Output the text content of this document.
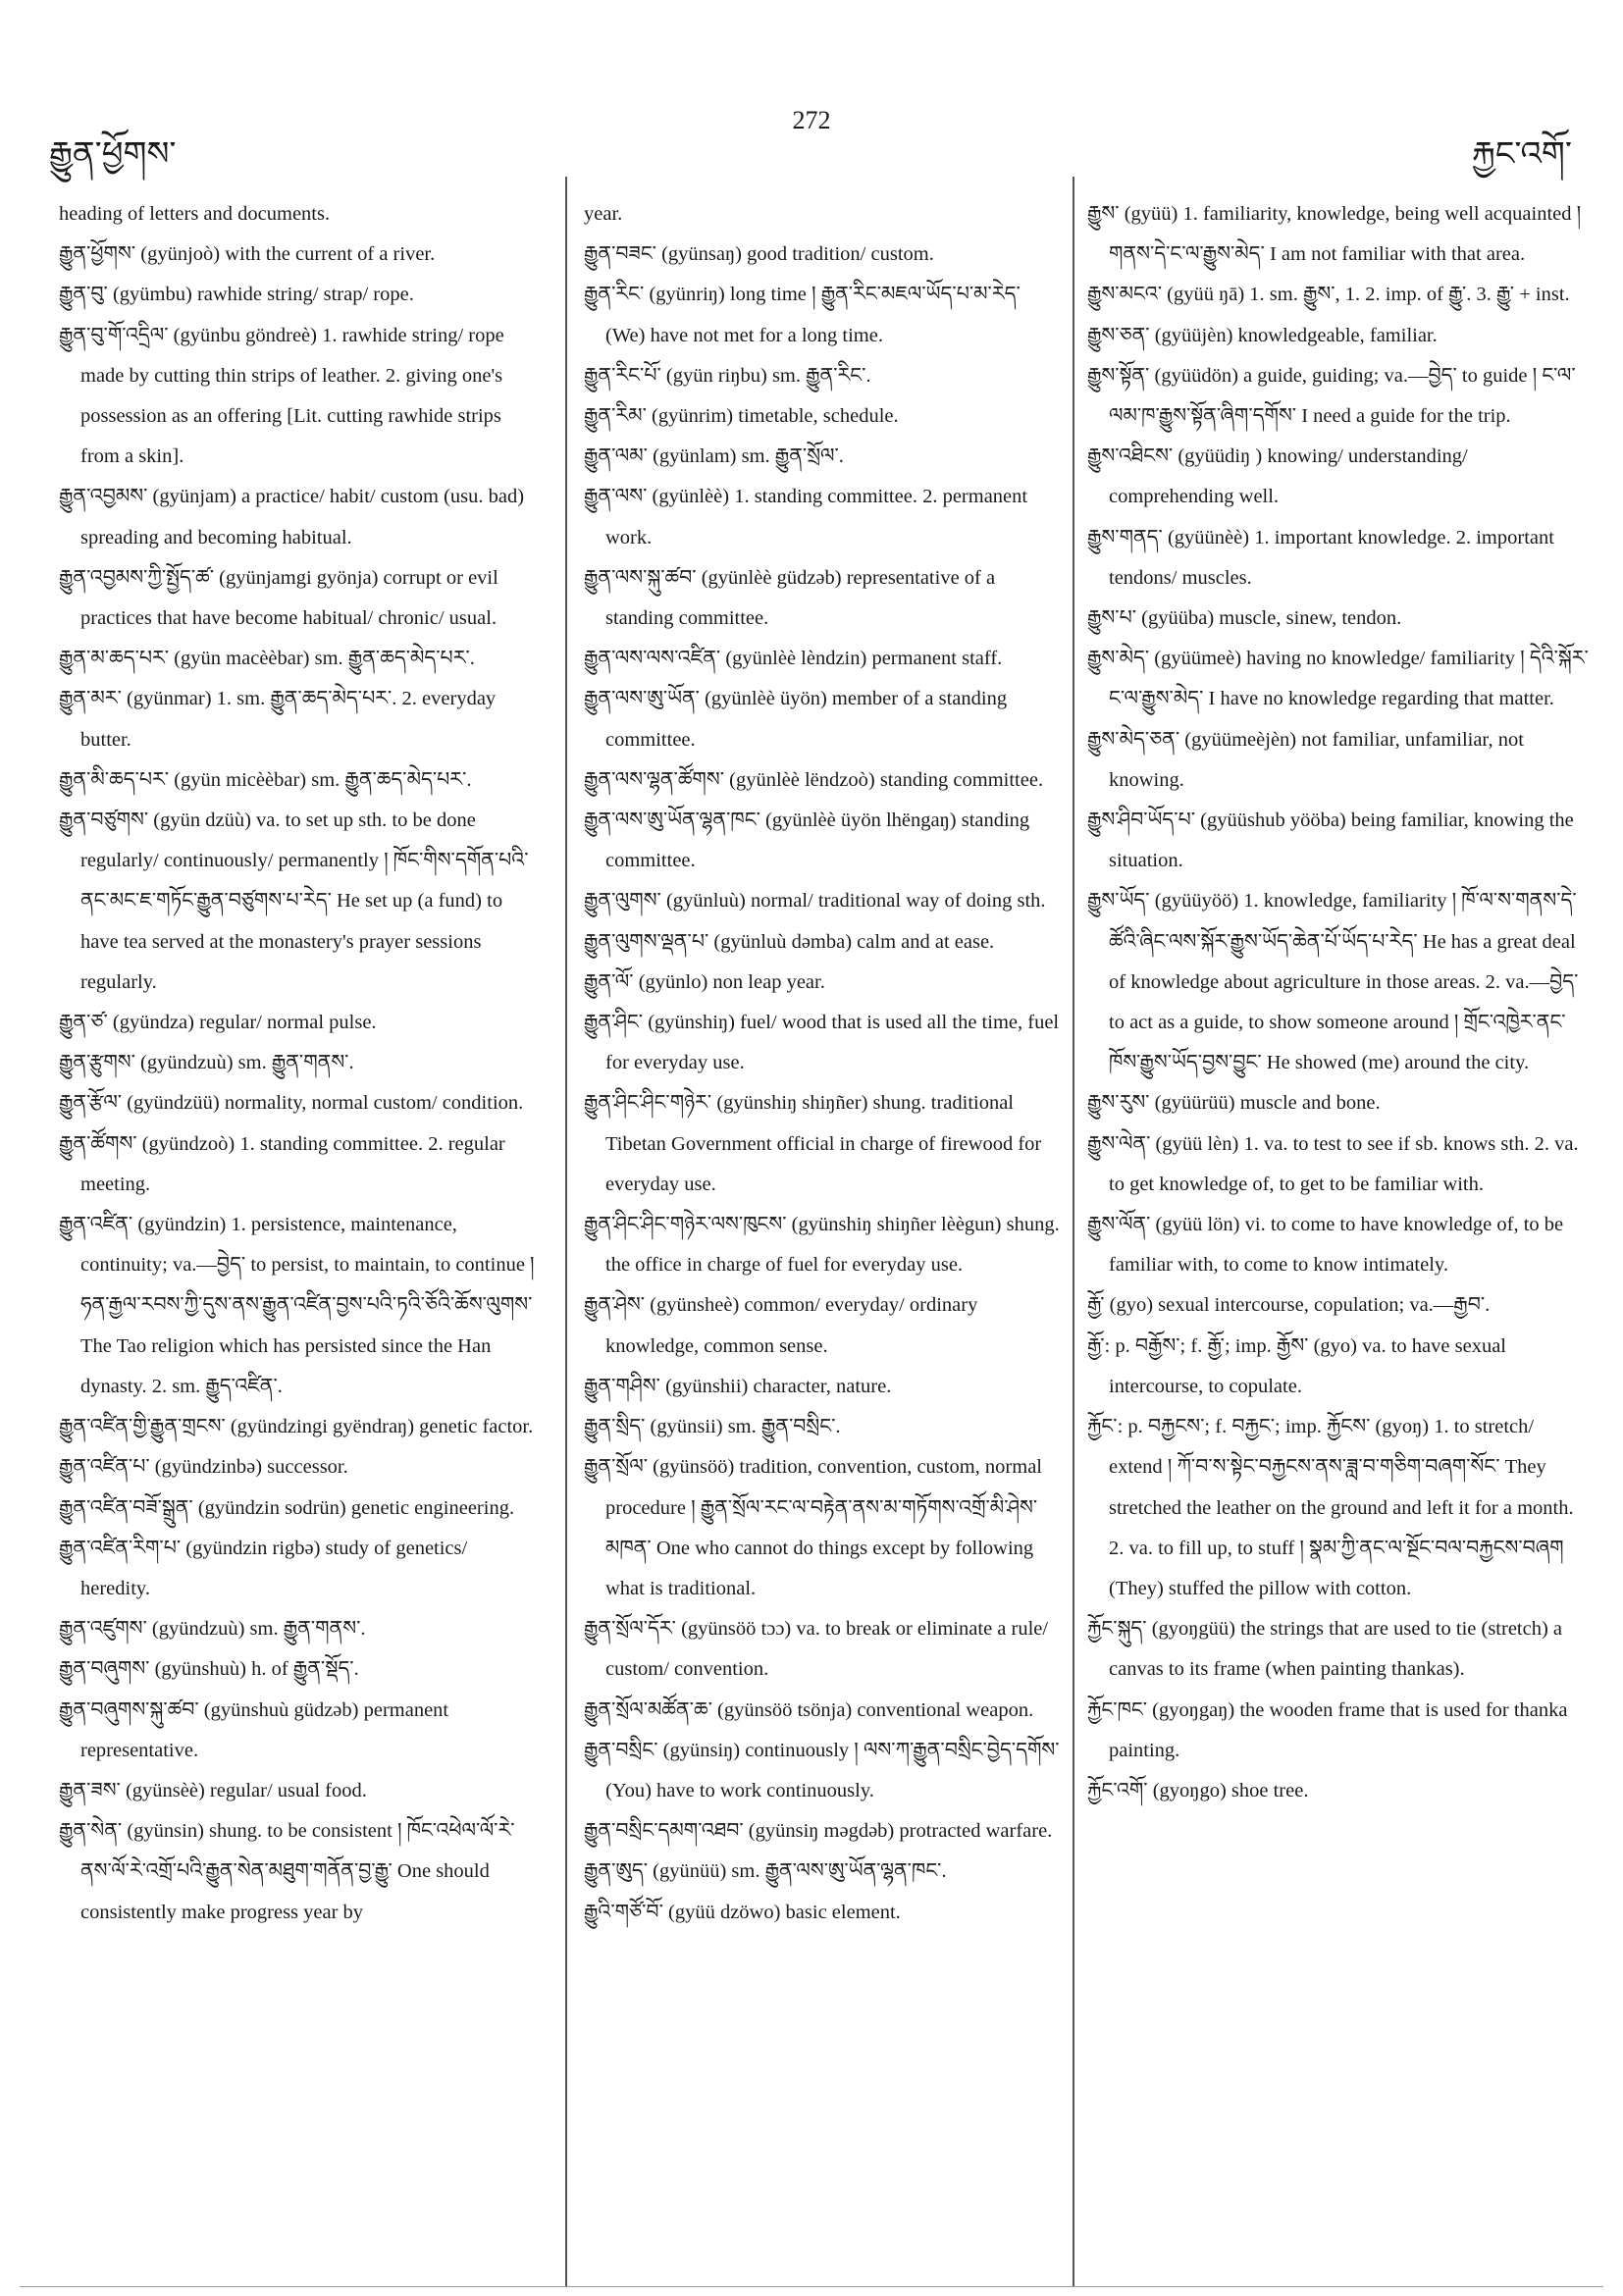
རྒྱུན་ཕྱོགས་
272
རྐྱང་འགོ་
heading of letters and documents.
རྒྱུན་ཕྱོགས་ (gyünjoò) with the current of a river.
རྒྱུན་བུ་ (gyümbu) rawhide string/ strap/ rope.
རྒྱུན་བུ་གོ་འདྲིལ་ (gyünbu göndreè) 1. rawhide string/ rope made by cutting thin strips of leather. 2. giving one's possession as an offering [Lit. cutting rawhide strips from a skin].
རྒྱུན་འབྱམས་ (gyünjam) a practice/ habit/ custom (usu. bad) spreading and becoming habitual.
རྒྱུན་འབྱམས་ཀྱི་སྤྱོད་ཚ་ (gyünjamgi gyönja) corrupt or evil practices that have become habitual/ chronic/ usual.
རྒྱུན་མ་ཆད་པར་ (gyün macèèbar) sm. རྒྱུན་ཆད་མེད་པར་.
རྒྱུན་མར་ (gyünmar) 1. sm. རྒྱུན་ཆད་མེད་པར་. 2. everyday butter.
རྒྱུན་མི་ཆད་པར་ (gyün micèèbar) sm. རྒྱུན་ཆད་མེད་པར་.
རྒྱུན་བཙུགས་ (gyün dzüù) va. to set up sth. to be done regularly/ continuously/ permanently ། ཁོང་གིས་དགོན་པའི་ནང་མང་ཇ་གཏོང་རྒྱུན་བཙུགས་པ་རེད་ He set up (a fund) to have tea served at the monastery's prayer sessions regularly.
རྒྱུན་ཙ་ (gyündza) regular/ normal pulse.
རྒྱུན་རྩུགས་ (gyündzuù) sm. རྒྱུན་གནས་.
རྒྱུན་རྩོལ་ (gyündzüü) normality, normal custom/ condition.
རྒྱུན་ཚོགས་ (gyündzoò) 1. standing committee. 2. regular meeting.
རྒྱུན་འཛིན་ (gyündzin) 1. persistence, maintenance, continuity; va.—བྱེད་ to persist, to maintain, to continue ། ཧན་རྒྱལ་རབས་ཀྱི་དུས་ནས་རྒྱུན་འཛིན་བྱས་པའི་ཏའི་ཅོའི་ཆོས་ལུགས་ The Tao religion which has persisted since the Han dynasty. 2. sm. རྒྱུད་འཛིན་.
རྒྱུན་འཛིན་གྱི་རྒྱུན་གྲངས་ (gyündzingi gyëndraŋ) genetic factor.
རྒྱུན་འཛིན་པ་ (gyündzinbə) successor.
རྒྱུན་འཛིན་བཟོ་སྒྲུན་ (gyündzin sodrün) genetic engineering.
རྒྱུན་འཛིན་རིག་པ་ (gyündzin rigbə) study of genetics/ heredity.
རྒྱུན་འཛུགས་ (gyündzuù) sm. རྒྱུན་གནས་.
རྒྱུན་བཞུགས་ (gyünshuù) h. of རྒྱུན་སྡོད་.
རྒྱུན་བཞུགས་སྐུ་ཚབ་ (gyünshuù güdzəb) permanent representative.
རྒྱུན་ཟས་ (gyünsèè) regular/ usual food.
རྒྱུན་སེན་ (gyünsin) shung. to be consistent ། ཁོང་འཕེལ་ལོ་རེ་ནས་ལོ་རེ་འགྲོ་པའི་རྒྱུན་སེན་མཐུག་གནོན་བྱ་རྒྱུ་ One should consistently make progress year by
year.
རྒྱུན་བཟང་ (gyünsaŋ) good tradition/ custom.
རྒྱུན་རིང་ (gyünriŋ) long time ། རྒྱུན་རིང་མཇལ་ཡོད་པ་མ་རེད་ (We) have not met for a long time.
རྒྱུན་རིང་པོ་ (gyün riŋbu) sm. རྒྱུན་རིང་.
རྒྱུན་རིམ་ (gyünrim) timetable, schedule.
རྒྱུན་ལམ་ (gyünlam) sm. རྒྱུན་སྲོལ་.
རྒྱུན་ལས་ (gyünlèè) 1. standing committee. 2. permanent work.
རྒྱུན་ལས་སྐུ་ཚབ་ (gyünlèè güdzəb) representative of a standing committee.
རྒྱུན་ལས་ལས་འཛིན་ (gyünlèè lèndzin) permanent staff.
རྒྱུན་ལས་ཨུ་ཡོན་ (gyünlèè üyön) member of a standing committee.
རྒྱུན་ལས་ལྷན་ཚོགས་ (gyünlèè lëndzoò) standing committee.
རྒྱུན་ལས་ཨུ་ཡོན་ལྷན་ཁང་ (gyünlèè üyön lhëngaŋ) standing committee.
རྒྱུན་ལུགས་ (gyünluù) normal/ traditional way of doing sth.
རྒྱུན་ལུགས་ལྡན་པ་ (gyünluù dəmba) calm and at ease.
རྒྱུན་ལོ་ (gyünlo) non leap year.
རྒྱུན་ཤིང་ (gyünshiŋ) fuel/ wood that is used all the time, fuel for everyday use.
རྒྱུན་ཤིང་ཤིང་གཉེར་ (gyünshiŋ shiŋñer) shung. traditional Tibetan Government official in charge of firewood for everyday use.
རྒྱུན་ཤིང་ཤིང་གཉེར་ལས་ཁུངས་ (gyünshiŋ shiŋñer lèègun) shung. the office in charge of fuel for everyday use.
རྒྱུན་ཤེས་ (gyünsheè) common/ everyday/ ordinary knowledge, common sense.
རྒྱུན་གཤིས་ (gyünshii) character, nature.
རྒྱུན་སྲིད་ (gyünsii) sm. རྒྱུན་བསྲིང་.
རྒྱུན་སྲོལ་ (gyünsöö) tradition, convention, custom, normal procedure ། རྒྱུན་སྲོལ་རང་ལ་བརྟེན་ནས་མ་གཏོགས་འགྲོ་མི་ཤེས་མཁན་ One who cannot do things except by following what is traditional.
རྒྱུན་སྲོལ་དོར་ (gyünsöö tɔɔ) va. to break or eliminate a rule/ custom/ convention.
རྒྱུན་སྲོལ་མཚོན་ཆ་ (gyünsöö tsönja) conventional weapon.
རྒྱུན་བསྲིང་ (gyünsiŋ) continuously ། ལས་ཀ་རྒྱུན་བསྲིང་བྱེད་དགོས་ (You) have to work continuously.
རྒྱུན་བསྲིང་དམག་འཐབ་ (gyünsiŋ məgdəb) protracted warfare.
རྒྱུན་ཨུད་ (gyünüü) sm. རྒྱུན་ལས་ཨུ་ཡོན་ལྷན་ཁང་.
རྒྱུའི་གཙོ་བོ་ (gyüü dzöwo) basic element.
རྒྱུས་ (gyüü) 1. familiarity, knowledge, being well acquainted ། གནས་དེ་ང་ལ་རྒྱུས་མེད་ I am not familiar with that area.
རྒྱུས་མངའ་ (gyüü ŋā) 1. sm. རྒྱུས་, 1. 2. imp. of རྒྱུ་. 3. རྒྱུ་ + inst.
རྒྱུས་ཅན་ (gyüüjèn) knowledgeable, familiar.
རྒྱུས་སྟོན་ (gyüüdön) a guide, guiding; va.—བྱེད་ to guide ། ང་ལ་ལམ་ཁ་རྒྱུས་སྟོན་ཞིག་དགོས་ I need a guide for the trip.
རྒྱུས་འཐིངས་ (gyüüdiŋ ) knowing/ understanding/ comprehending well.
རྒྱུས་གནད་ (gyüünèè) 1. important knowledge. 2. important tendons/ muscles.
རྒྱུས་པ་ (gyüüba) muscle, sinew, tendon.
རྒྱུས་མེད་ (gyüümeè) having no knowledge/ familiarity ། དེའི་སྐོར་ང་ལ་རྒྱུས་མེད་ I have no knowledge regarding that matter.
རྒྱུས་མེད་ཅན་ (gyüümeèjèn) not familiar, unfamiliar, not knowing.
རྒྱུས་ཤིབ་ཡོད་པ་ (gyüüshub yööba) being familiar, knowing the situation.
རྒྱུས་ཡོད་ (gyüüyöö) 1. knowledge, familiarity ། ཁོ་ལ་ས་གནས་དེ་ཚོའི་ཞིང་ལས་སྐོར་རྒྱུས་ཡོད་ཆེན་པོ་ཡོད་པ་རེད་ He has a great deal of knowledge about agriculture in those areas. 2. va.—བྱེད་ to act as a guide, to show someone around ། གྲོང་འཁྱེར་ནང་ཁོས་རྒྱུས་ཡོད་བྱས་བྱུང་ He showed (me) around the city.
རྒྱུས་རུས་ (gyüürüü) muscle and bone.
རྒྱུས་ལེན་ (gyüü lèn) 1. va. to test to see if sb. knows sth. 2. va. to get knowledge of, to get to be familiar with.
རྒྱུས་ལོན་ (gyüü lön) vi. to come to have knowledge of, to be familiar with, to come to know intimately.
རྒྱོ་ (gyo) sexual intercourse, copulation; va.—རྒྱབ་.
རྒྱོ་: p. བརྒྱོས་; f. རྒྱོ་; imp. རྒྱོས་ (gyo) va. to have sexual intercourse, to copulate.
རྐྱོང་: p. བརྐྱངས་; f. བརྐྱང་; imp. རྐྱོངས་ (gyoŋ) 1. to stretch/ extend ། ཀོ་བ་ས་སྟེང་བརྐྱངས་ནས་ཟླ་བ་གཅིག་བཞག་སོང་ They stretched the leather on the ground and left it for a month. 2. va. to fill up, to stuff ། སྣམ་ཀྱི་ནང་ལ་སྔོང་བལ་བརྐྱངས་བཞག (They) stuffed the pillow with cotton.
རྐྱོང་སྐུད་ (gyoŋgüü) the strings that are used to tie (stretch) a canvas to its frame (when painting thankas).
རྐྱོང་ཁང་ (gyoŋgaŋ) the wooden frame that is used for thanka painting.
རྐྱོང་འགོ་ (gyoŋgo) shoe tree.
